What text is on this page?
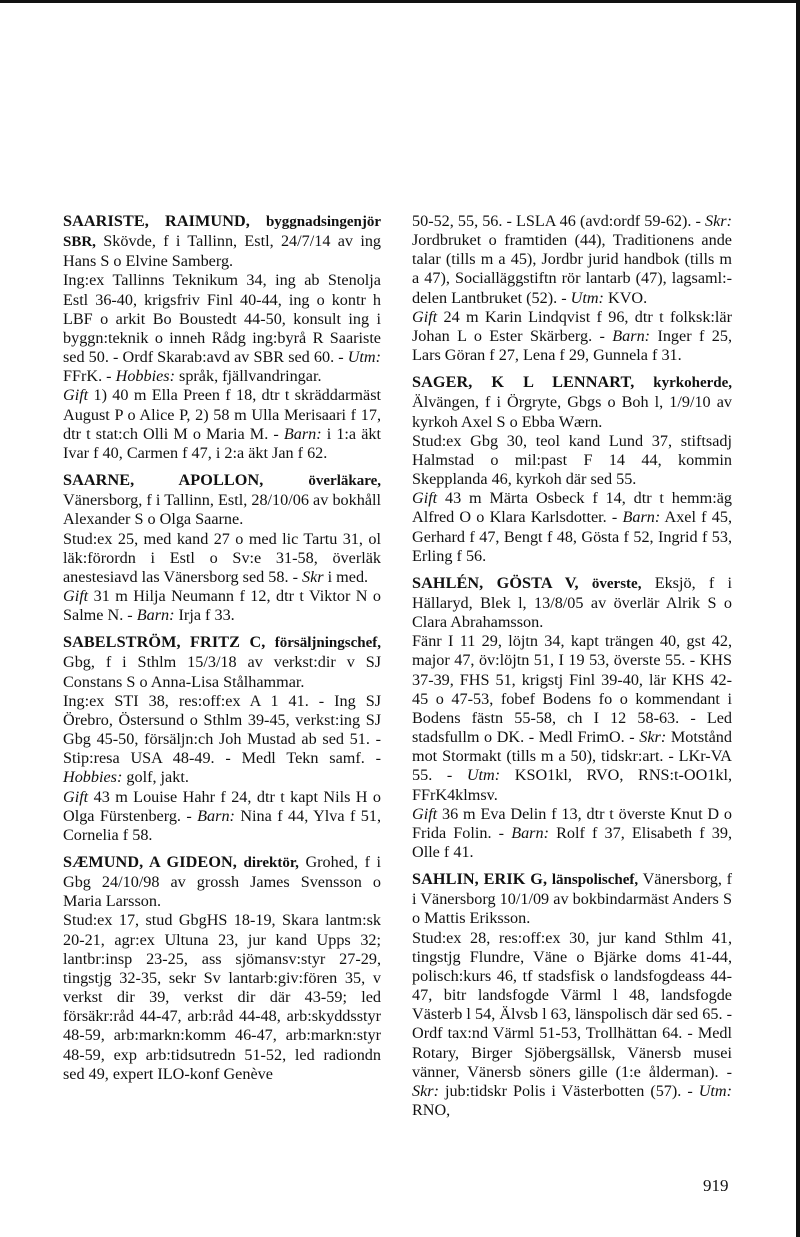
SAARISTE, RAIMUND, byggnadsingenjör SBR, Skövde, f i Tallinn, Estl, 24/7/14 av ing Hans S o Elvine Samberg.

Ing:ex Tallinns Teknikum 34, ing ab Stenolja Estl 36-40, krigsfriv Finl 40-44, ing o kontr h LBF o arkit Bo Boustedt 44-50, konsult ing i byggn:teknik o inneh Rådg ing:byrå R Saariste sed 50. - Ordf Skarab:avd av SBR sed 60. - Utm: FFrK. - Hobbies: språk, fjällvandringar.

Gift 1) 40 m Ella Preen f 18, dtr t skräddarmäst August P o Alice P, 2) 58 m Ulla Merisaari f 17, dtr t stat:ch Olli M o Maria M. - Barn: i 1:a äkt Ivar f 40, Carmen f 47, i 2:a äkt Jan f 62.

SAARNE, APOLLON,	överläkare, Vänersborg, f i Tallinn, Estl, 28/10/06 av bokhåll Alexander S o Olga Saarne.

Stud:ex 25, med kand 27 o med lic Tartu 31, ol läk:förordn i Estl o Sv:e 31-58, överläk anestesiavd las Vänersborg sed 58. - Skr i med.

Gift 31 m Hilja Neumann f 12, dtr t Viktor N o Salme N. - Barn: Irja f 33.

SABELSTRÖM, FRITZ C, försäljningschef, Gbg, f i Sthlm 15/3/18 av verkst:dir v SJ Constans S o Anna-Lisa Stålhammar.

Ing:ex STI 38, res:off:ex A 1 41. - Ing SJ Örebro, Östersund o Sthlm 39-45, verkst:ing SJ Gbg 45-50, försäljn:ch Joh Mustad ab sed 51. - Stip:resa USA 48-49. - Medl Tekn samf. - Hobbies: golf, jakt.

Gift 43 m Louise Hahr f 24, dtr t kapt Nils H o Olga Fürstenberg. - Barn: Nina f 44, Ylva f 51, Cornelia f 58.

SÆMUND, A GIDEON, direktör, Grohed, f i Gbg 24/10/98 av grossh James Svensson o Maria Larsson.

Stud:ex 17, stud GbgHS 18-19, Skara lantm:sk 20-21, agr:ex Ultuna 23, jur kand Upps 32; lantbr:insp 23-25, ass sjömansv:styr 27-29, tingstjg 32-35, sekr Sv lantarb:giv:fören 35, v verkst dir 39, verkst dir där 43-59; led försäkr:råd 44-47, arb:råd 44-48, arb:skyddsstyr 48-59, arb:markn:komm 46-47, arb:markn:styr 48-59, exp arb:tidsutredn 51-52, led radiondn sed 49, expert ILO-konf Genève

50-52, 55, 56. - LSLA 46 (avd:ordf 59-62). - Skr: Jordbruket o framtiden (44), Traditionens ande talar (tills m a 45), Jordbr jurid handbok (tills m a 47), Socialläggstiftn rör lantarb (47), lagsaml:-delen Lantbruket (52). - Utm: KVO.

Gift 24 m Karin Lindqvist f 96, dtr t folksk:lär Johan L o Ester Skärberg. - Barn: Inger f 25, Lars Göran f 27, Lena f 29, Gunnela f 31.

SAGER, K L LENNART, kyrkoherde, Älvängen, f i Örgryte, Gbgs o Boh l, 1/9/10 av kyrkoh Axel S o Ebba Wærn.

Stud:ex Gbg 30, teol kand Lund 37, stiftsadj Halmstad o mil:past F 14 44, kommin Skepplanda 46, kyrkoh där sed 55.

Gift 43 m Märta Osbeck f 14, dtr t hemm:äg Alfred O o Klara Karlsdotter. - Barn: Axel f 45, Gerhard f 47, Bengt f 48, Gösta f 52, Ingrid f 53, Erling f 56.

SAHLÉN, GÖSTA V, överste, Eksjö, f i Hällaryd, Blek l, 13/8/05 av överlär Alrik S o Clara Abrahamsson.

Fänr I 11 29, löjtn 34, kapt trängen 40, gst 42, major 47, öv:löjtn 51, I 19 53, överste 55. - KHS 37-39, FHS 51, krigstj Finl 39-40, lär KHS 42-45 o 47-53, fobef Bodens fo o kommendant i Bodens fästn 55-58, ch I 12 58-63. - Led stadsfullm o DK. - Medl FrimO. - Skr: Motstånd mot Stormakt (tills m a 50), tidskr:art. - LKr-VA 55. - Utm: KSO1kl, RVO, RNS:t-OO1kl, FFrK4klmsv.

Gift 36 m Eva Delin f 13, dtr t överste Knut D o Frida Folin. - Barn: Rolf f 37, Elisabeth f 39, Olle f 41.

SAHLIN, ERIK G, länspolischef, Vänersborg, f i Vänersborg 10/1/09 av bokbindarmäst Anders S o Mattis Eriksson.

Stud:ex 28, res:off:ex 30, jur kand Sthlm 41, tingstjg Flundre, Väne o Bjärke doms 41-44, polisch:kurs 46, tf stadsfisk o landsfogdeass 44-47, bitr landsfogde Värml l 48, landsfogde Västerb l 54, Älvsb l 63, länspolisch där sed 65. - Ordf tax:nd Värml 51-53, Trollhättan 64. - Medl Rotary, Birger Sjöbergsällsk, Vänersb musei vänner, Vänersb söners gille (1:e ålderman). - Skr: jub:tidskr Polis i Västerbotten (57). - Utm: RNO,

919
